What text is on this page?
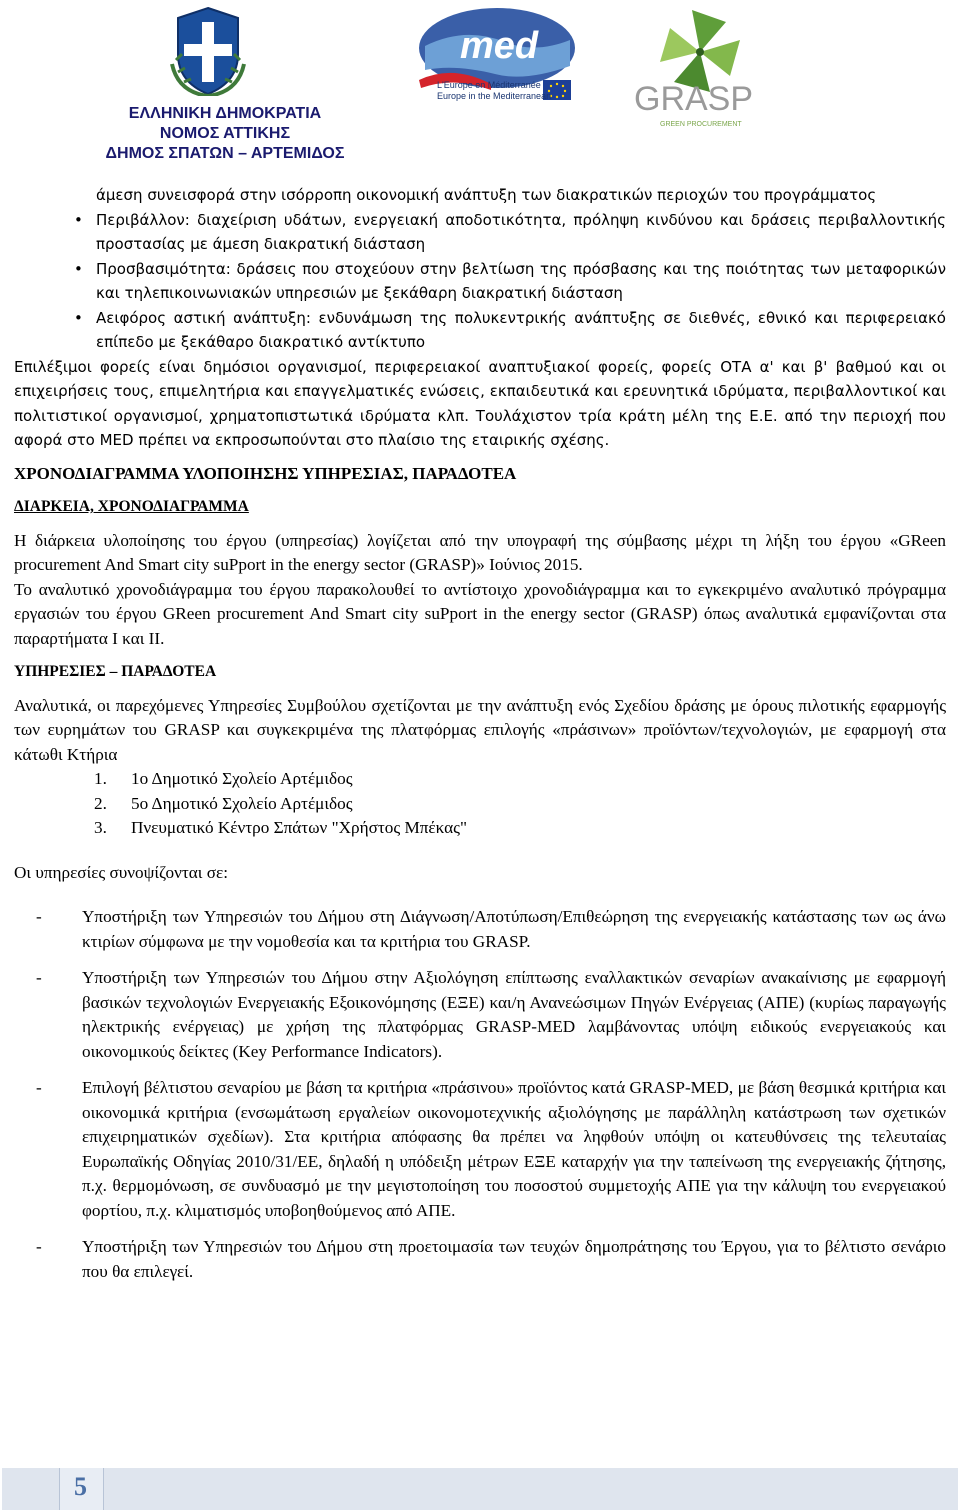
ΕΛΛΗΝΙΚΗ ΔΗΜΟΚΡΑΤΙΑ
ΝΟΜΟΣ ΑΤΤΙΚΗΣ
ΔΗΜΟΣ ΣΠΑΤΩΝ – ΑΡΤΕΜΙΔΟΣ
med
L'Europe en Méditerranée
Europe in the Mediterranean GRASP
GREEN PROCUREMENT
άμεση συνεισφορά στην ισόρροπη οικονομική ανάπτυξη των διακρατικών περιοχών του προγράμματος
• Περιβάλλον: διαχείριση υδάτων, ενεργειακή αποδοτικότητα, πρόληψη κινδύνου και δράσεις περιβαλλοντικής προστασίας με άμεση διακρατική διάσταση
• Προσβασιμότητα: δράσεις που στοχεύουν στην βελτίωση της πρόσβασης και της ποιότητας των μεταφορικών και τηλεπικοινωνιακών υπηρεσιών με ξεκάθαρη διακρατική διάσταση
• Αειφόρος αστική ανάπτυξη: ενδυνάμωση της πολυκεντρικής ανάπτυξης σε διεθνές, εθνικό και περιφερειακό επίπεδο με ξεκάθαρο διακρατικό αντίκτυπο

Επιλέξιμοι φορείς είναι δημόσιοι οργανισμοί, περιφερειακοί αναπτυξιακοί φορείς, φορείς ΟΤΑ α' και β' βαθμού και οι επιχειρήσεις τους, επιμελητήρια και επαγγελματικές ενώσεις, εκπαιδευτικά και ερευνητικά ιδρύματα, περιβαλλοντικοί και πολιτιστικοί οργανισμοί, χρηματοπιστωτικά ιδρύματα κλπ. Τουλάχιστον τρία κράτη μέλη της Ε.Ε. από την περιοχή που αφορά στο MED πρέπει να εκπροσωπούνται στο πλαίσιο της εταιρικής σχέσης.

ΧΡΟΝΟΔΙΑΓΡΑΜΜΑ ΥΛΟΠΟΙΗΣΗΣ ΥΠΗΡΕΣΙΑΣ, ΠΑΡΑΔΟΤΕΑ
ΔΙΑΡΚΕΙΑ, ΧΡΟΝΟΔΙΑΓΡΑΜΜΑ

Η διάρκεια υλοποίησης του έργου (υπηρεσίας) λογίζεται από την υπογραφή της σύμβασης μέχρι τη λήξη του έργου «GReen procurement And Smart city suPport in the energy sector (GRASP)» Ιούνιος 2015.

Το αναλυτικό χρονοδιάγραμμα του έργου παρακολουθεί το αντίστοιχο χρονοδιάγραμμα και το εγκεκριμένο αναλυτικό πρόγραμμα εργασιών του έργου GReen procurement And Smart city suPport in the energy sector (GRASP) όπως αναλυτικά εμφανίζονται στα παραρτήματα Ι και ΙΙ.

ΥΠΗΡΕΣΙΕΣ – ΠΑΡΑΔΟΤΕΑ

Αναλυτικά, οι παρεχόμενες Υπηρεσίες Συμβούλου σχετίζονται με την ανάπτυξη ενός Σχεδίου δράσης με όρους πιλοτικής εφαρμογής των ευρημάτων του GRASP και συγκεκριμένα της πλατφόρμας επιλογής «πράσινων» προϊόντων/τεχνολογιών, με εφαρμογή στα κάτωθι Κτήρια

1. 1ο Δημοτικό Σχολείο Αρτέμιδος
2. 5ο Δημοτικό Σχολείο Αρτέμιδος
3. Πνευματικό Κέντρο Σπάτων "Χρήστος Μπέκας"

Οι υπηρεσίες συνοψίζονται σε:

- Υποστήριξη των Υπηρεσιών του Δήμου στη Διάγνωση/Αποτύπωση/Επιθεώρηση της ενεργειακής κατάστασης των ως άνω κτιρίων σύμφωνα με την νομοθεσία και τα κριτήρια του GRASP.
- Υποστήριξη των Υπηρεσιών του Δήμου στην Αξιολόγηση επίπτωσης εναλλακτικών σεναρίων ανακαίνισης με εφαρμογή βασικών τεχνολογιών Ενεργειακής Εξοικονόμησης (ΕΞΕ) και/η Ανανεώσιμων Πηγών Ενέργειας (ΑΠΕ) (κυρίως παραγωγής ηλεκτρικής ενέργειας) με χρήση της πλατφόρμας GRASP-MED λαμβάνοντας υπόψη ειδικούς ενεργειακούς και οικονομικούς δείκτες (Key Performance Indicators).
- Επιλογή βέλτιστου σεναρίου με βάση τα κριτήρια «πράσινου» προϊόντος κατά GRASP-MED, με βάση θεσμικά κριτήρια και οικονομικά κριτήρια (ενσωμάτωση εργαλείων οικονομοτεχνικής αξιολόγησης με παράλληλη κατάστρωση των σχετικών επιχειρηματικών σχεδίων). Στα κριτήρια απόφασης θα πρέπει να ληφθούν υπόψη οι κατευθύνσεις της τελευταίας Ευρωπαϊκής Οδηγίας 2010/31/ΕΕ, δηλαδή η υπόδειξη μέτρων ΕΞΕ καταρχήν για την ταπείνωση της ενεργειακής ζήτησης, π.χ. θερμομόνωση, σε συνδυασμό με την μεγιστοποίηση του ποσοστού συμμετοχής ΑΠΕ για την κάλυψη του ενεργειακού φορτίου, π.χ. κλιματισμός υποβοηθούμενος από ΑΠΕ.
- Υποστήριξη των Υπηρεσιών του Δήμου στη προετοιμασία των τευχών δημοπράτησης του Έργου, για το βέλτιστο σενάριο που θα επιλεγεί.
5
